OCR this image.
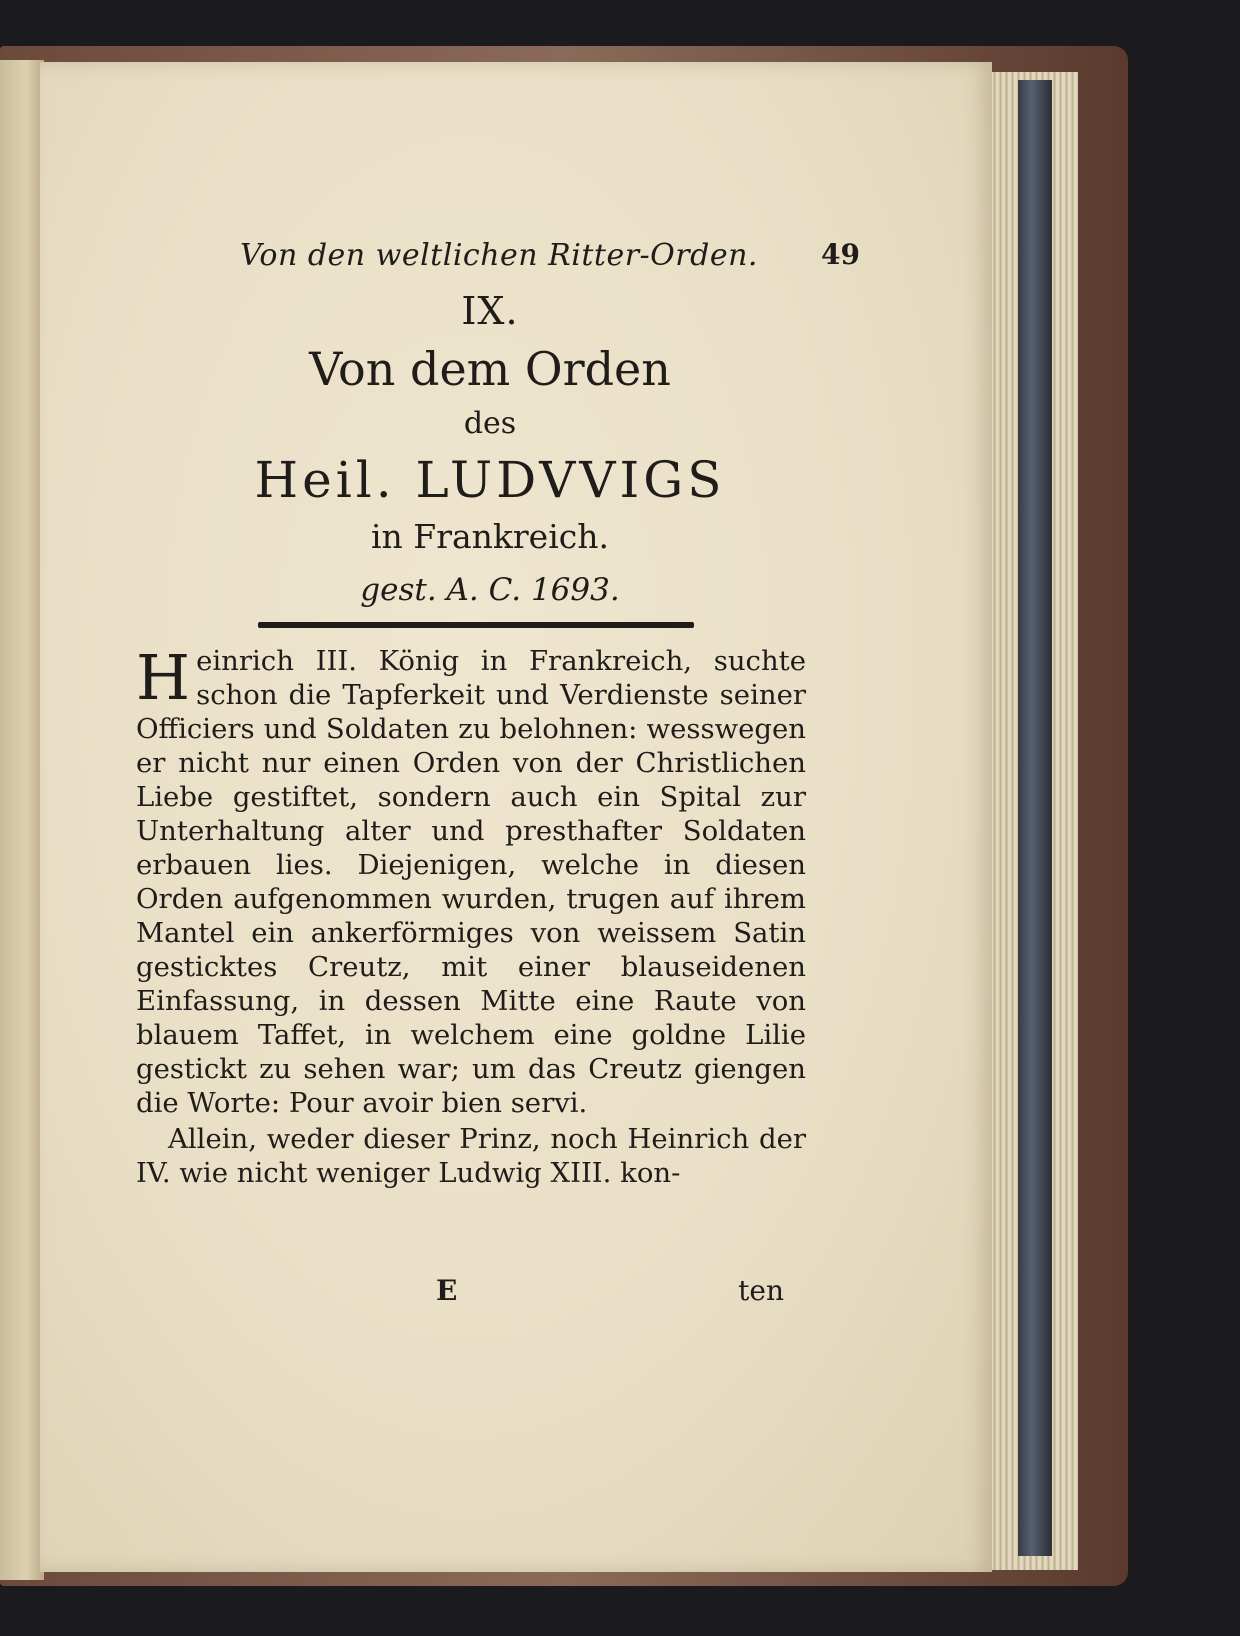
Von den weltlichen Ritter-Orden. 49
IX.
Von dem Orden
des
Heil. LUDVVIGS
in Frankreich.
gest. A. C. 1693.

Heinrich III. König in Frankreich, suchte schon die Tapferkeit und Verdienste seiner Officiers und Soldaten zu belohnen: wesswegen er nicht nur einen Orden von der Christlichen Liebe gestiftet, sondern auch ein Spital zur Unterhaltung alter und presthafter Soldaten erbauen lies. Diejenigen, welche in diesen Orden aufgenommen wurden, trugen auf ihrem Mantel ein ankerförmiges von weissem Satin gesticktes Creutz, mit einer blauseidenen Einfassung, in dessen Mitte eine Raute von blauem Taffet, in welchem eine goldne Lilie gestickt zu sehen war; um das Creutz giengen die Worte: Pour avoir bien servi.

Allein, weder dieser Prinz, noch Heinrich der IV. wie nicht weniger Ludwig XIII. kon-

E	ten
